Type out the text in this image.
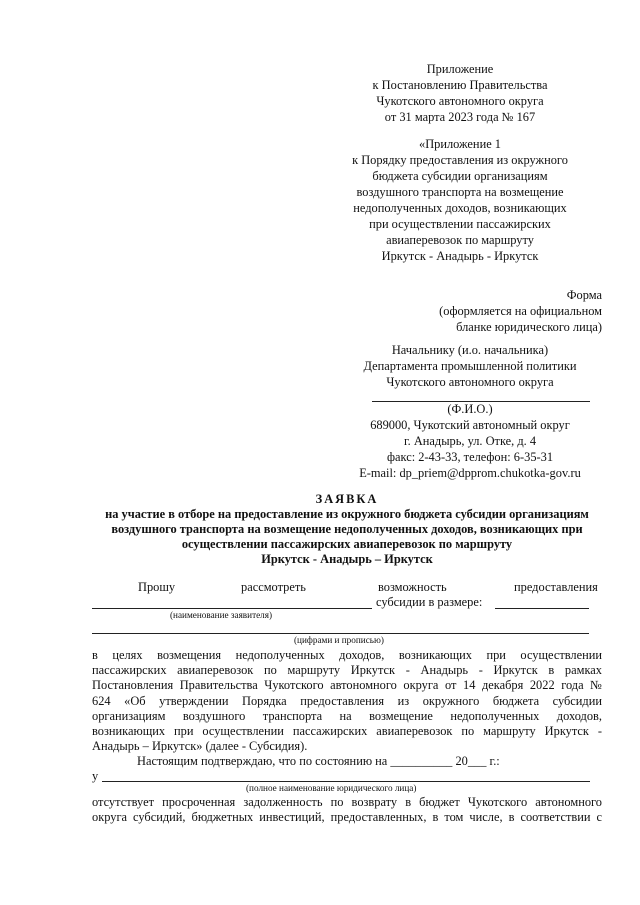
Приложение
к Постановлению Правительства
Чукотского автономного округа
от 31 марта 2023 года № 167
«Приложение 1
к Порядку предоставления из окружного
бюджета субсидии организациям
воздушного транспорта на возмещение
недополученных доходов, возникающих
при осуществлении пассажирских
авиаперевозок по маршруту
Иркутск - Анадырь - Иркутск
Форма
(оформляется на официальном
бланке юридического лица)
Начальнику (и.о. начальника)
Департамента промышленной политики
Чукотского автономного округа
(Ф.И.О.)
689000, Чукотский автономный округ
г. Анадырь, ул. Отке, д. 4
факс: 2-43-33, телефон: 6-35-31
E-mail: dp_priem@dpprom.chukotka-gov.ru
ЗАЯВКА
на участие в отборе на предоставление из окружного бюджета субсидии организациям
воздушного транспорта на возмещение недополученных доходов, возникающих при
осуществлении пассажирских авиаперевозок по маршруту
Иркутск - Анадырь – Иркутск
Прошу	рассмотреть	возможность	предоставления
субсидии в размере:
(наименование заявителя)
(цифрами и прописью)
в целях возмещения недополученных доходов, возникающих при осуществлении
пассажирских авиаперевозок по маршруту Иркутск - Анадырь - Иркутск в рамках
Постановления Правительства Чукотского автономного округа от 14 декабря 2022 года №
624 «Об утверждении Порядка предоставления из окружного бюджета субсидии
организациям воздушного транспорта на возмещение недополученных доходов,
возникающих при осуществлении пассажирских авиаперевозок по маршруту Иркутск -
Анадырь – Иркутск» (далее - Субсидия).
Настоящим подтверждаю, что по состоянию на __________ 20___ г.:
у
(полное наименование юридического лица)
отсутствует просроченная задолженность по возврату в бюджет Чукотского автономного
округа субсидий, бюджетных инвестиций, предоставленных, в том числе, в соответствии с
